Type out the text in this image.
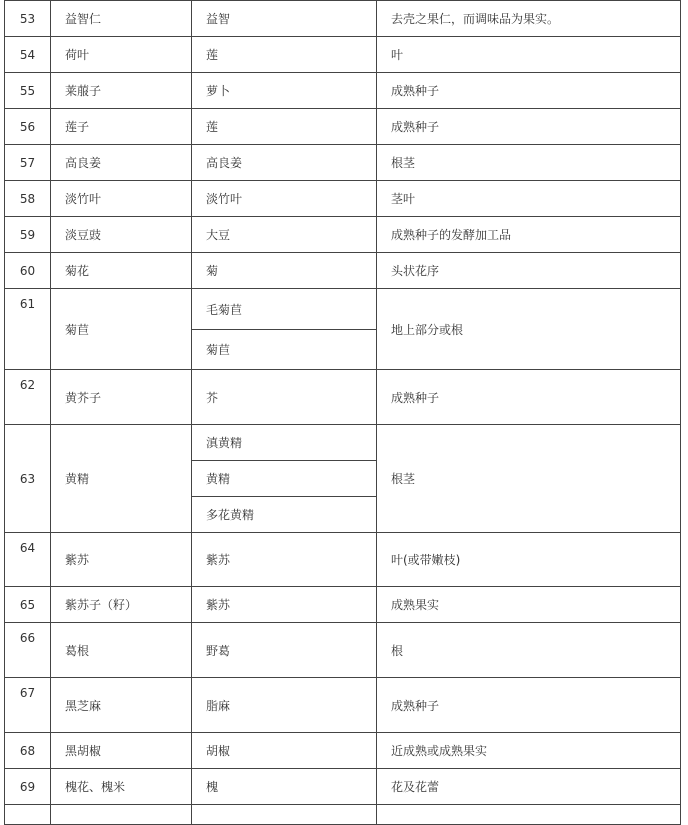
53	益智仁	益智	去壳之果仁，而调味品为果实。
54	荷叶	莲	叶
55	莱菔子	萝卜	成熟种子
56	莲子	莲	成熟种子
57	高良姜	高良姜	根茎
58	淡竹叶	淡竹叶	茎叶
59	淡豆豉	大豆	成熟种子的发酵加工品
60	菊花	菊	头状花序
61	菊苣	毛菊苣	地上部分或根
		菊苣	
62	黄芥子	芥	成熟种子
63	黄精	滇黄精	根茎
		黄精	
		多花黄精	
64	紫苏	紫苏	叶(或带嫩枝)
65	紫苏子（籽）	紫苏	成熟果实
66	葛根	野葛	根
67	黑芝麻	脂麻	成熟种子
68	黑胡椒	胡椒	近成熟或成熟果实
69	槐花、槐米	槐	花及花蕾
